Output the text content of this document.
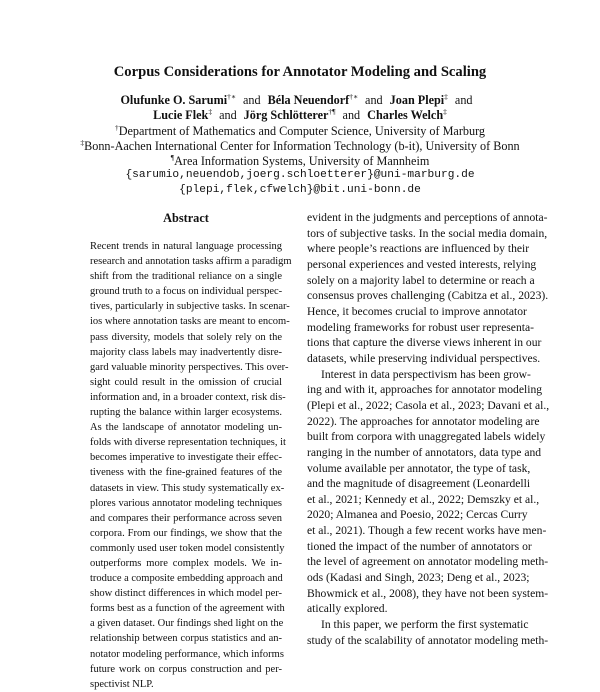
Corpus Considerations for Annotator Modeling and Scaling
Olufunke O. Sarumi†∗ and Béla Neuendorf†∗ and Joan Plepi‡ and
Lucie Flek‡ and Jörg Schlötterer†¶ and Charles Welch‡
†Department of Mathematics and Computer Science, University of Marburg
‡Bonn-Aachen International Center for Information Technology (b-it), University of Bonn
¶Area Information Systems, University of Mannheim
{sarumio,neuendob,joerg.schloetterer}@uni-marburg.de
{plepi,flek,cfwelch}@bit.uni-bonn.de
Abstract
Recent trends in natural language processing
research and annotation tasks affirm a paradigm
shift from the traditional reliance on a single
ground truth to a focus on individual perspec-
tives, particularly in subjective tasks. In scenar-
ios where annotation tasks are meant to encom-
pass diversity, models that solely rely on the
majority class labels may inadvertently disre-
gard valuable minority perspectives. This over-
sight could result in the omission of crucial
information and, in a broader context, risk dis-
rupting the balance within larger ecosystems.
As the landscape of annotator modeling un-
folds with diverse representation techniques, it
becomes imperative to investigate their effec-
tiveness with the fine-grained features of the
datasets in view. This study systematically ex-
plores various annotator modeling techniques
and compares their performance across seven
corpora. From our findings, we show that the
commonly used user token model consistently
outperforms more complex models. We in-
troduce a composite embedding approach and
show distinct differences in which model per-
forms best as a function of the agreement with
a given dataset. Our findings shed light on the
relationship between corpus statistics and an-
notator modeling performance, which informs
future work on corpus construction and per-
spectivist NLP.
evident in the judgments and perceptions of annota-
tors of subjective tasks. In the social media domain,
where people’s reactions are influenced by their
personal experiences and vested interests, relying
solely on a majority label to determine or reach a
consensus proves challenging (Cabitza et al., 2023).
Hence, it becomes crucial to improve annotator
modeling frameworks for robust user representa-
tions that capture the diverse views inherent in our
datasets, while preserving individual perspectives.
Interest in data perspectivism has been grow-
ing and with it, approaches for annotator modeling
(Plepi et al., 2022; Casola et al., 2023; Davani et al.,
2022). The approaches for annotator modeling are
built from corpora with unaggregated labels widely
ranging in the number of annotators, data type and
volume available per annotator, the type of task,
and the magnitude of disagreement (Leonardelli
et al., 2021; Kennedy et al., 2022; Demszky et al.,
2020; Almanea and Poesio, 2022; Cercas Curry
et al., 2021). Though a few recent works have men-
tioned the impact of the number of annotators or
the level of agreement on annotator modeling meth-
ods (Kadasi and Singh, 2023; Deng et al., 2023;
Bhowmick et al., 2008), they have not been system-
atically explored.
In this paper, we perform the first systematic
study of the scalability of annotator modeling meth-
